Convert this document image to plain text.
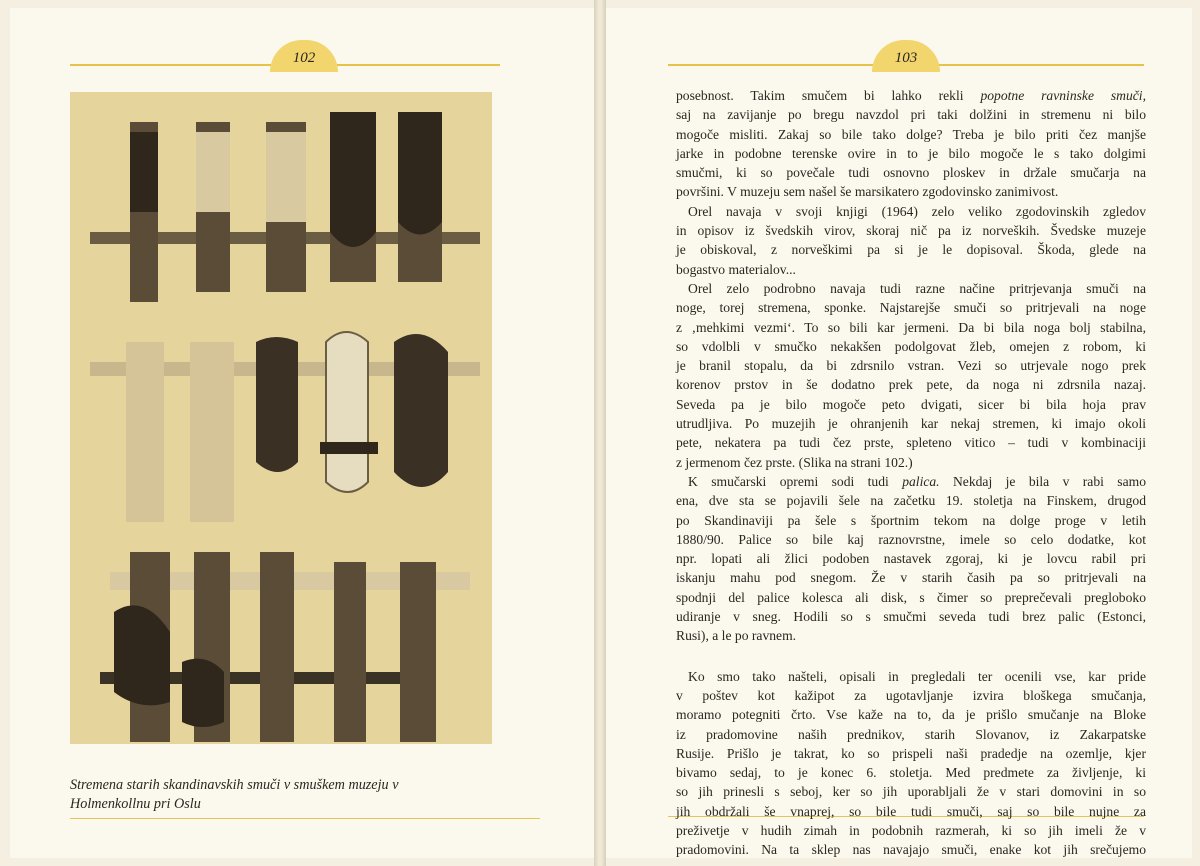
102	103
Stremena starih skandinavskih smuči v smuškem muzeju v
Holmenkollnu pri Oslu
posebnost. Takim smučem bi lahko rekli popotne ravninske smuči,
saj na zavijanje po bregu navzdol pri taki dolžini in stremenu ni bilo
mogoče misliti. Zakaj so bile tako dolge? Treba je bilo priti čez manjše
jarke in podobne terenske ovire in to je bilo mogoče le s tako dolgimi
smučmi, ki so povečale tudi osnovno ploskev in držale smučarja na
površini. V muzeju sem našel še marsikatero zgodovinsko zanimivost.
Orel navaja v svoji knjigi (1964) zelo veliko zgodovinskih zgledov
in opisov iz švedskih virov, skoraj nič pa iz norveških. Švedske muzeje
je obiskoval, z norveškimi pa si je le dopisoval. Škoda, glede na
bogastvo materialov...
Orel zelo podrobno navaja tudi razne načine pritrjevanja smuči na
noge, torej stremena, sponke. Najstarejše smuči so pritrjevali na noge
z ‚mehkimi vezmi‘. To so bili kar jermeni. Da bi bila noga bolj stabilna,
so vdolbli v smučko nekakšen podolgovat žleb, omejen z robom, ki
je branil stopalu, da bi zdrsnilo vstran. Vezi so utrjevale nogo prek
korenov prstov in še dodatno prek pete, da noga ni zdrsnila nazaj.
Seveda pa je bilo mogoče peto dvigati, sicer bi bila hoja prav
utrudljiva. Po muzejih je ohranjenih kar nekaj stremen, ki imajo okoli
pete, nekatera pa tudi čez prste, spleteno vitico – tudi v kombinaciji
z jermenom čez prste. (Slika na strani 102.)
K smučarski opremi sodi tudi palica. Nekdaj je bila v rabi samo
ena, dve sta se pojavili šele na začetku 19. stoletja na Finskem, drugod
po Skandinaviji pa šele s športnim tekom na dolge proge v letih
1880/90. Palice so bile kaj raznovrstne, imele so celo dodatke, kot
npr. lopati ali žlici podoben nastavek zgoraj, ki je lovcu rabil pri
iskanju mahu pod snegom. Že v starih časih pa so pritrjevali na
spodnji del palice kolesca ali disk, s čimer so preprečevali pregloboko
udiranje v sneg. Hodili so s smučmi seveda tudi brez palic (Estonci,
Rusi), a le po ravnem.
Ko smo tako našteli, opisali in pregledali ter ocenili vse, kar pride
v poštev kot kažipot za ugotavljanje izvira bloškega smučanja,
moramo potegniti črto. Vse kaže na to, da je prišlo smučanje na Bloke
iz pradomovine naših prednikov, starih Slovanov, iz Zakarpatske
Rusije. Prišlo je takrat, ko so prispeli naši pradedje na ozemlje, kjer
bivamo sedaj, to je konec 6. stoletja. Med predmete za življenje, ki
so jih prinesli s seboj, ker so jih uporabljali že v stari domovini in so
jih obdržali še vnaprej, so bile tudi smuči, saj so bile nujne za
preživetje v hudih zimah in podobnih razmerah, ki so jih imeli že v
pradomovini. Na ta sklep nas navajajo smuči, enake kot jih srečujemo
